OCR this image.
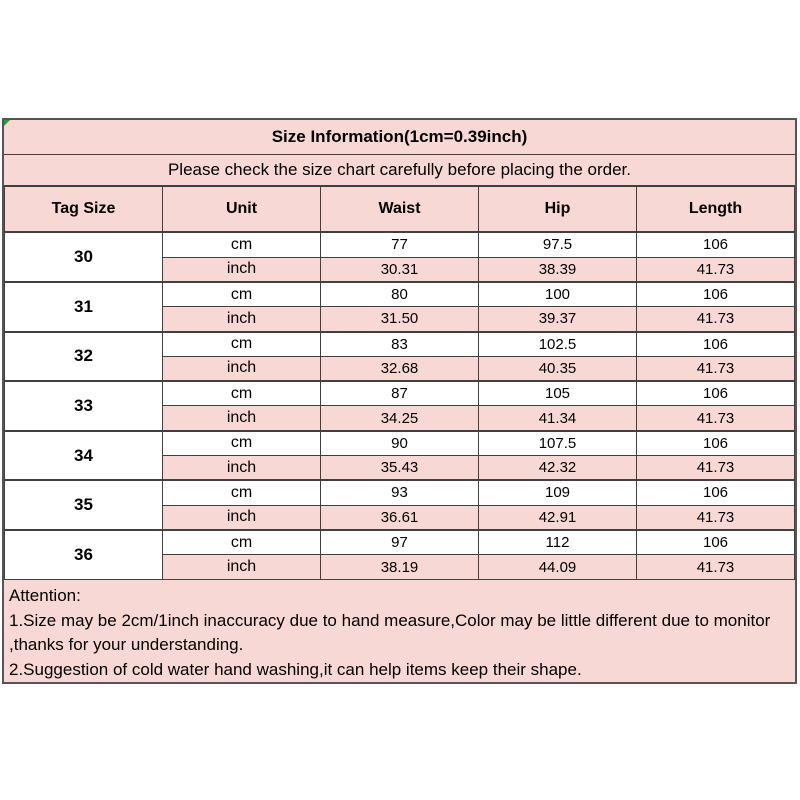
Size Information(1cm=0.39inch)
Please check the size chart carefully before placing the order.
Tag Size	Unit	Waist	Hip	Length
30	cm	77	97.5	106
	inch	30.31	38.39	41.73
31	cm	80	100	106
	inch	31.50	39.37	41.73
32	cm	83	102.5	106
	inch	32.68	40.35	41.73
33	cm	87	105	106
	inch	34.25	41.34	41.73
34	cm	90	107.5	106
	inch	35.43	42.32	41.73
35	cm	93	109	106
	inch	36.61	42.91	41.73
36	cm	97	112	106
	inch	38.19	44.09	41.73
Attention:
1.Size may be 2cm/1inch inaccuracy due to hand measure,Color may be little different due to monitor
,thanks for your understanding.
2.Suggestion of cold water hand washing,it can help items keep their shape.
